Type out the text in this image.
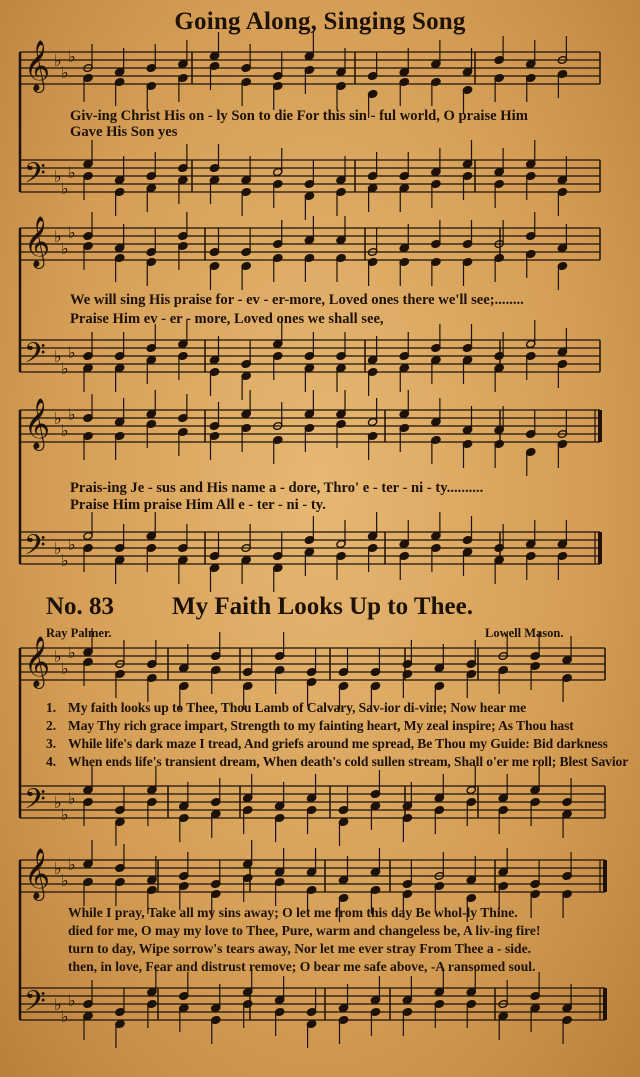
Going Along, Singing Song
𝄞
𝄢
♭
♭
♭
♭
♭
♭
𝄞
𝄢
♭
♭
♭
♭
♭
♭
𝄞
𝄢
♭
♭
♭
♭
♭
♭
𝄞
𝄢
♭
♭
♭
♭
♭
♭
𝄞
𝄢
♭
♭
♭
♭
♭
♭
Giv-ing Christ His on - ly Son to die For this sin - ful world, O praise Him
Gave His Son yes
We will sing His praise for - ev - er-more, Loved ones there we'll see;........
Praise Him ev - er - more, Loved ones we shall see,
Prais-ing Je - sus and His name a - dore, Thro' e - ter - ni - ty..........
Praise Him praise Him All e - ter - ni - ty.
No. 83 My Faith Looks Up to Thee.
Ray Palmer.	Lowell Mason.
1. My faith looks up to Thee, Thou Lamb of Calvary, Sav-ior di-vine; Now hear me
2. May Thy rich grace impart, Strength to my fainting heart, My zeal inspire; As Thou hast
3. While life's dark maze I tread, And griefs around me spread, Be Thou my Guide: Bid darkness
4. When ends life's transient dream, When death's cold sullen stream, Shall o'er me roll; Blest Savior
While I pray, Take all my sins away; O let me from this day Be whol-ly Thine.
died for me, O may my love to Thee, Pure, warm and changeless be, A liv-ing fire!
turn to day, Wipe sorrow's tears away, Nor let me ever stray From Thee a - side.
then, in love, Fear and distrust remove; O bear me safe above, -A ransomed soul.
